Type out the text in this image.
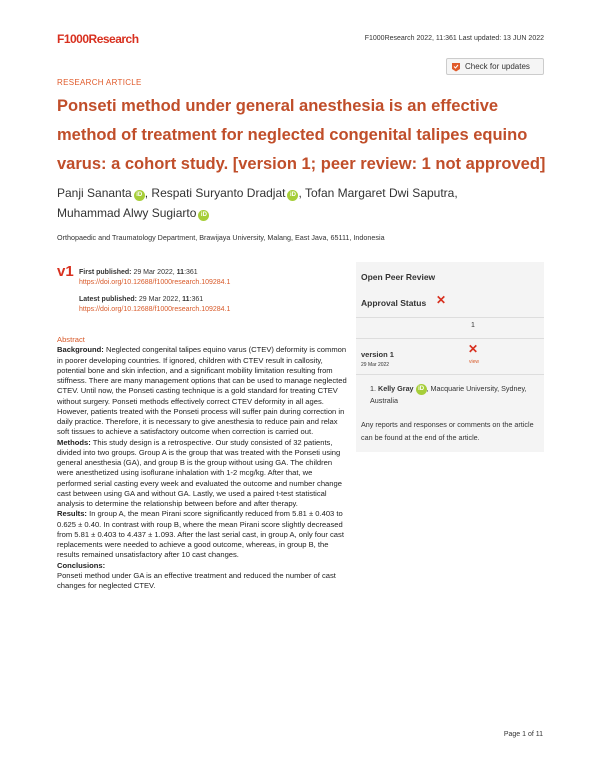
F1000Research	F1000Research 2022, 11:361 Last updated: 13 JUN 2022
RESEARCH ARTICLE
Check for updates
Ponseti method under general anesthesia is an effective method of treatment for neglected congenital talipes equino varus: a cohort study. [version 1; peer review: 1 not approved]
Panji Sananta iD , Respati Suryanto Dradjat iD , Tofan Margaret Dwi Saputra,
Muhammad Alwy Sugiarto iD
Orthopaedic and Traumatology Department, Brawijaya University, Malang, East Java, 65111, Indonesia
v1 First published: 29 Mar 2022, 11:361
https://doi.org/10.12688/f1000research.109284.1
Latest published: 29 Mar 2022, 11:361
https://doi.org/10.12688/f1000research.109284.1
Abstract
Background: Neglected congenital talipes equino varus (CTEV) deformity is common in poorer developing countries. If ignored, children with CTEV result in callosity, potential bone and skin infection, and a significant mobility limitation resulting from stiffness. There are many management options that can be used to manage neglected CTEV. Until now, the Ponseti casting technique is a gold standard for treating CTEV without surgery. Ponseti methods effectively correct CTEV deformity in all ages. However, patients treated with the Ponseti process will suffer pain during correction in daily practice. Therefore, it is necessary to give anesthesia to reduce pain and relax soft tissues to achieve a satisfactory outcome when correction is carried out.
Methods: This study design is a retrospective. Our study consisted of 32 patients, divided into two groups. Group A is the group that was treated with the Ponseti using general anesthesia (GA), and group B is the group without using GA. The children were anesthetized using isoflurane inhalation with 1-2 mcg/kg. After that, we performed serial casting every week and evaluated the outcome and number change cast between using GA and without GA. Lastly, we used a paired t-test statistical analysis to determine the relationship between before and after therapy.
Results: In group A, the mean Pirani score significantly reduced from 5.81 ± 0.403 to 0.625 ± 0.40. In contrast with roup B, where the mean Pirani score slightly decreased from 5.81 ± 0.403 to 4.437 ± 1.093. After the last serial cast, in group A, only four cast replacements were needed to achieve a good outcome, whereas, in group B, the results remained unsatisfactory after 10 cast changes.
Conclusions:
Ponseti method under GA is an effective treatment and reduced the number of cast changes for neglected CTEV.
Open Peer Review
Approval Status ✕
1
version 1
29 Mar 2022
✕
view
1. Kelly Gray iD , Macquarie University, Sydney, Australia
Any reports and responses or comments on the article can be found at the end of the article.
Page 1 of 11
